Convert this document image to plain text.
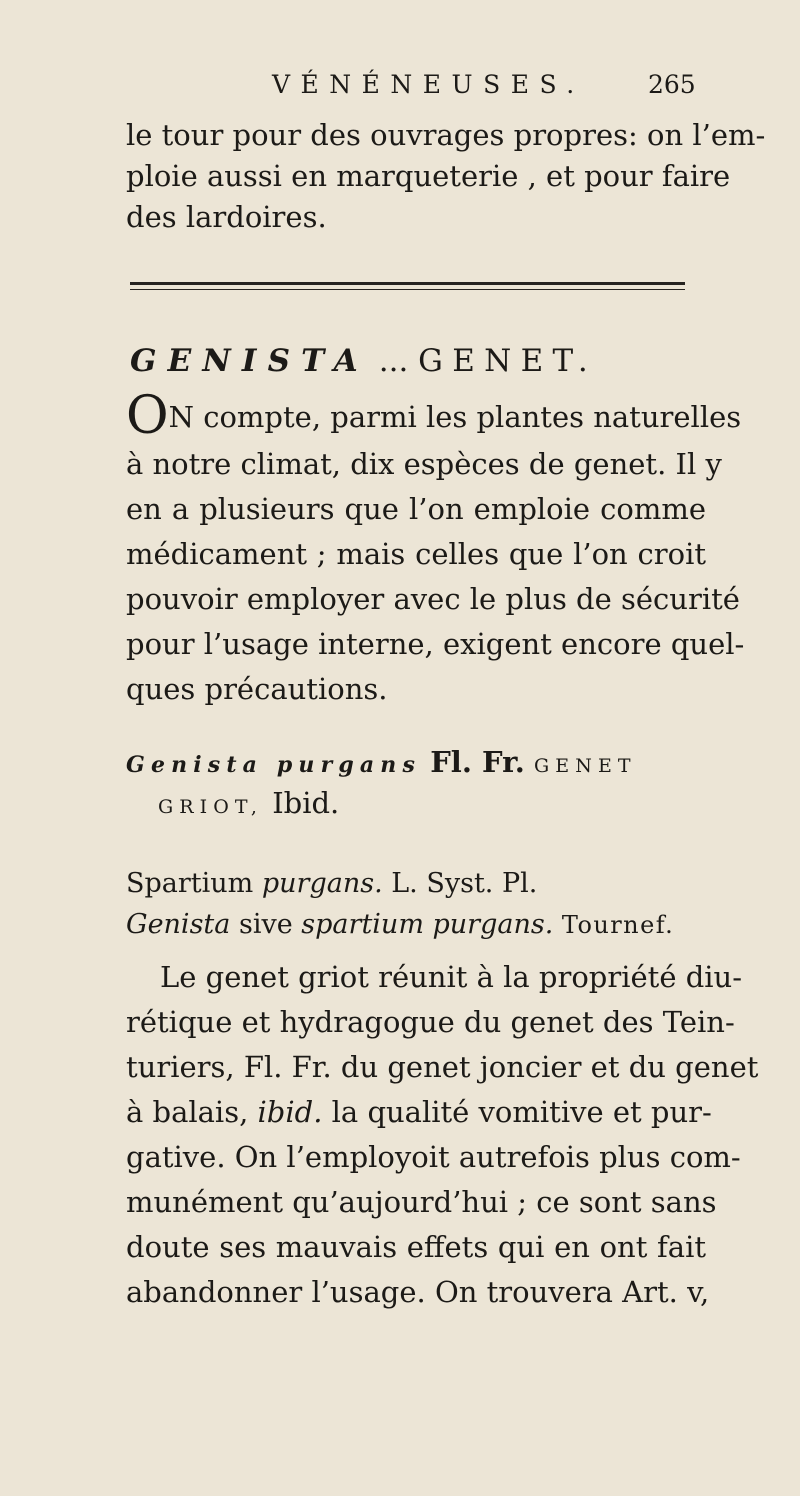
VÉNÉNEUSES.	265
le tour pour des ouvrages propres: on l’em-
ploie aussi en marqueterie , et pour faire
des lardoires.
GENISTA ... GENET.
ON compte, parmi les plantes naturelles
à notre climat, dix espèces de genet. Il y
en a plusieurs que l’on emploie comme
médicament ; mais celles que l’on croit
pouvoir employer avec le plus de sécurité
pour l’usage interne, exigent encore quel-
ques précautions.
Genista purgans Fl. Fr. GENET
GRIOT, Ibid.
Spartium purgans. L. Syst. Pl.
Genista sive spartium purgans. Tournef.
Le genet griot réunit à la propriété diu-
rétique et hydragogue du genet des Tein-
turiers, Fl. Fr. du genet joncier et du genet
à balais, ibid. la qualité vomitive et pur-
gative. On l’employoit autrefois plus com-
munément qu’aujourd’hui ; ce sont sans
doute ses mauvais effets qui en ont fait
abandonner l’usage. On trouvera Art. v,
